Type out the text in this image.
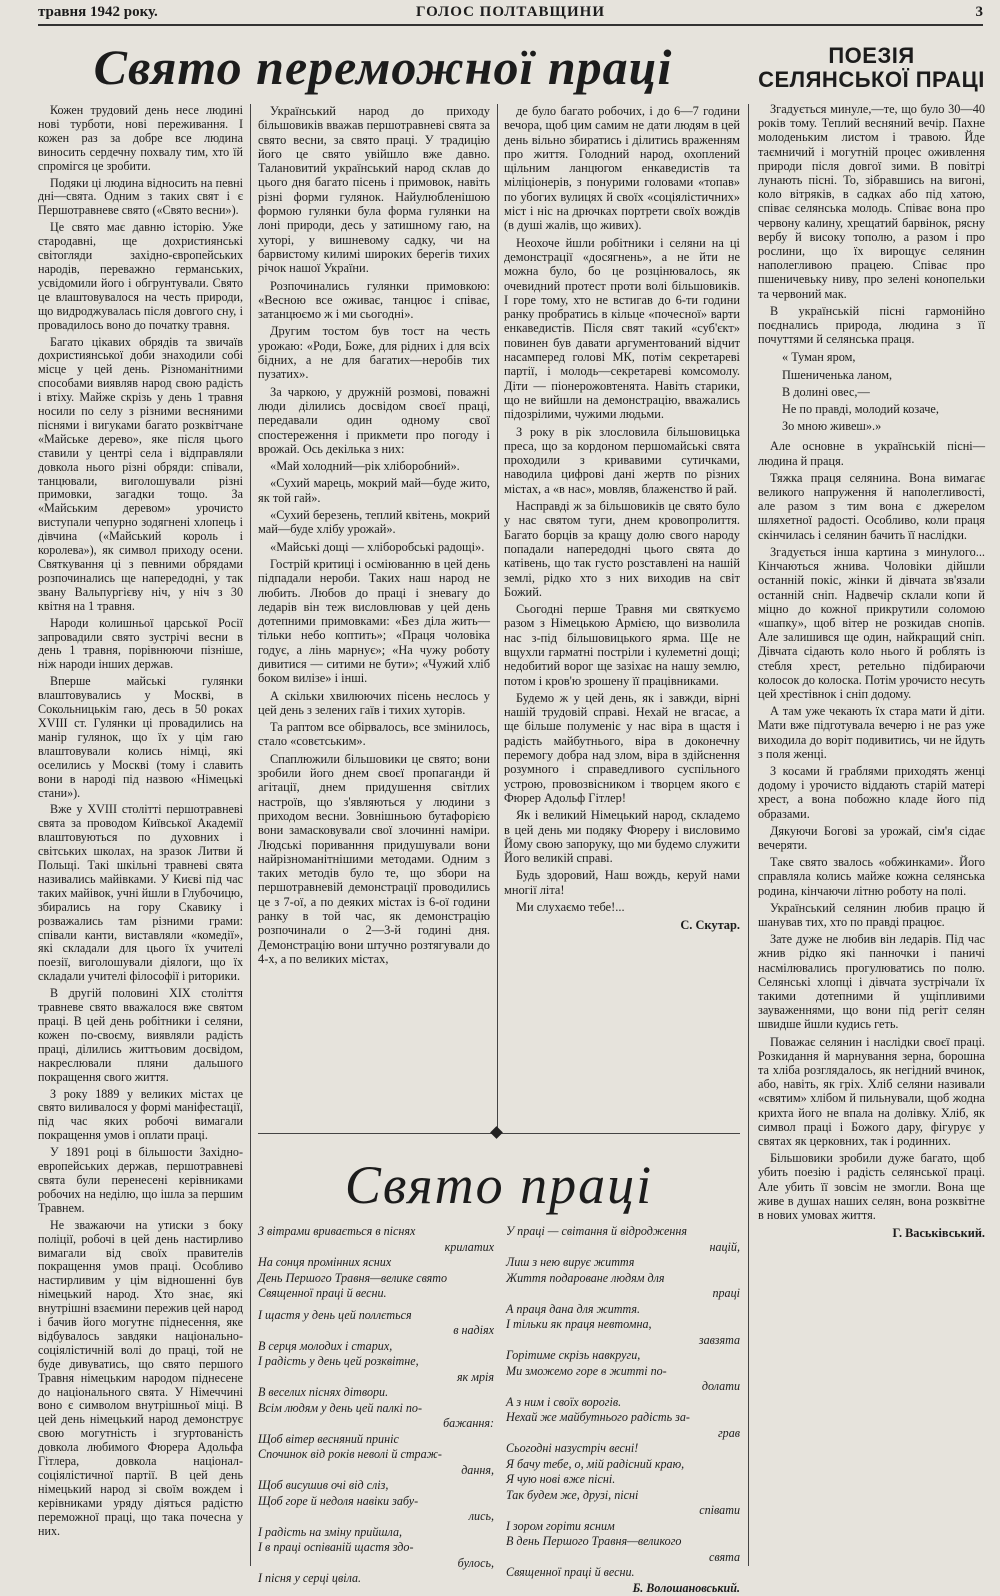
травня 1942 року.	ГОЛОС ПОЛТАВЩИНИ	3
Свято переможної праці

Кожен трудовий день несе людині нові турботи, нові переживання. І кожен раз за добре все людина виносить сердечну похвалу тим, хто їй спромігся це зробити.

Подяки ці людина відносить на певні дні—свята. Одним з таких свят і є Першотравневе свято («Свято весни»).

Це свято має давню історію. Уже стародавні, ще дохристиянські світогляди західно-європейських народів, переважно германських, усвідомили його і обгрунтували. Свято це влаштовувалося на честь природи, що видроджувалась після довгого сну, і провадилось воно до початку травня.

Багато цікавих обрядів та звичаїв дохристиянської доби знаходили собі місце у цей день. Різноманітними способами виявляв народ свою радість і втіху. Майже скрізь у день 1 травня носили по селу з різними весняними піснями і вигуками багато розквітчане «Майське дерево», яке після цього ставили у центрі села і відправляли довкола нього різні обряди: співали, танцювали, виголошували різні примовки, загадки тощо. За «Майським деревом» урочисто виступали чепурно зодягнені хлопець і дівчина («Майський король і королева»), як символ приходу осени. Святкування ці з певними обрядами розпочинались ще напередодні, у так звану Вальпургієву ніч, у ніч з 30 квітня на 1 травня.

Народи колишньої царської Росії запровадили свято зустрічі весни в день 1 травня, порівнюючи пізніше, ніж народи інших держав.

Вперше майські гулянки влаштовувались у Москві, в Сокольницькім гаю, десь в 50 роках XVIII ст. Гулянки ці провадились на манір гулянок, що їх у цім гаю влаштовували колись німці, які оселились у Москві (тому і славить вони в народі під назвою «Німецькі стани»).

Вже у XVIII столітті першотравневі свята за проводом Київської Академії влаштовуються по духовних і світських школах, на зразок Литви й Польщі. Такі шкільні травневі свята називались майівками. У Києві під час таких майівок, учні йшли в Глубочицю, збирались на гору Скавику і розважались там різними грами: співали канти, виставляли «комедії», які складали для цього їх учителі поезії, виголошували діялоги, що їх складали учителі філософії і риторики.

В другій половині XIX століття травневе свято вважалося вже святом праці. В цей день робітники і селяни, кожен по-своєму, виявляли радість праці, ділились життьовим досвідом, накреслювали пляни дальшого покращення свого життя.

З року 1889 у великих містах це свято виливалося у формі маніфестації, під час яких робочі вимагали покращення умов і оплати праці.

У 1891 році в більшости Західно-европейських держав, першотравневі свята були перенесені керівниками робочих на неділю, що ішла за першим Травнем.

Не зважаючи на утиски з боку поліції, робочі в цей день настирливо вимагали від своїх правителів покращення умов праці. Особливо настирливим у цім відношенні був німецький народ. Хто знає, які внутрішні взаємини пережив цей народ і бачив його могутнє піднесення, яке відбувалось завдяки національно-соціялістичній волі до праці, той не буде дивуватись, що свято першого Травня німецьким народом піднесене до національного свята. У Німеччині воно є символом внутрішньої міці. В цей день німецький народ демонструє свою могутність і згуртованість довкола любимого Фюрера Адольфа Гітлера, довкола націонал-соціялістичної партії. В цей день німецький народ зі своїм вождем і керівниками уряду діяться радістю переможної праці, що така почесна у них.

Український народ до приходу більшовиків вважав першотравневі свята за свято весни, за свято праці. У традицію його це свято увійшло вже давно. Талановитий український народ склав до цього дня багато пісень і примовок, навіть різні форми гулянок. Найулюбленішою формою гулянки була форма гулянки на лоні природи, десь у затишному гаю, на хуторі, у вишневому садку, чи на барвистому килимі широких берегів тихих річок нашої України.

Розпочинались гулянки примовкою: «Весною все оживає, танцює і співає, затанцюємо ж і ми сьогодні».

Другим тостом був тост на честь урожаю: «Роди, Боже, для рідних і для всіх бідних, а не для багатих—неробів тих пузатих».

За чаркою, у дружній розмові, поважні люди ділились досвідом своєї праці, передавали один одному свої спостереження і прикмети про погоду і врожай. Ось декілька з них:

«Май холодний—рік хліборобний».

«Сухий марець, мокрий май—буде жито, як той гай».

«Сухий березень, теплий квітень, мокрий май—буде хлібу урожай».

«Майські дощі — хліборобські радощі».

Гострій критиці і осміюванню в цей день підпадали нероби. Таких наш народ не любить. Любов до праці і зневагу до ледарів він теж висловлював у цей день дотепними примовками: «Без діла жить—тільки небо коптить»; «Праця чоловіка годує, а лінь марнує»; «На чужу роботу дивитися — ситими не бути»; «Чужий хліб боком вилізе» і інші.

А скільки хвилюючих пісень неслось у цей день з зелених гаїв і тихих хуторів.

Та раптом все обірвалось, все змінилось, стало «совєтським».

Спаплюжили більшовики це свято; вони зробили його днем своєї пропаганди й агітації, днем придушення світлих настроїв, що з'являються у людини з приходом весни. Зовнішньою бутафорією вони замасковували свої злочинні наміри. Людські пориванння придушували вони найрізноманітнішими методами. Одним з таких методів було те, що збори на першотравневій демонстрації проводились це з 7-ої, а по деяких містах із 6-ої години ранку в той час, як демонстрацію розпочинали о 2—3-й годині дня. Демонстрацію вони штучно розтягували до 4-х, а по великих містах,

де було багато робочих, і до 6—7 години вечора, щоб цим самим не дати людям в цей день вільно збиратись і ділитись враженням про життя. Голодний народ, охоплений щільним ланцюгом енкаведистів та міліціонерів, з понурими головами «топав» по убогих вулицях й своїх «соціялістичних» міст і ніс на дрючках портрети своїх вождів (в душі жалів, що живих).

Неохоче йшли робітники і селяни на ці демонстрації «досягнень», а не йти не можна було, бо це розцінювалось, як очевидний протест проти волі більшовиків. І горе тому, хто не встигав до 6-ти години ранку пробратись в кільце «почесної» варти енкаведистів. Після свят такий «суб'єкт» повинен був давати аргументований відчит насамперед голові МК, потім секретареві партії, і молодь—секретареві комсомолу. Діти — піонерожовтенята. Навіть старики, що не вийшли на демонстрацію, вважались підозрілими, чужими людьми.

З року в рік злословила більшовицька преса, що за кордоном першомайські свята проходили з кривавими сутичками, наводила цифрові дані жертв по різних містах, а «в нас», мовляв, блаженство й рай.

Насправді ж за більшовиків це свято було у нас святом туги, днем кровопролиття. Багато борців за кращу долю свого народу попадали напередодні цього свята до катівень, що так густо розставлені на нашій землі, рідко хто з них виходив на світ Божий.

Сьогодні перше Травня ми святкуємо разом з Німецькою Армією, що визволила нас з-під більшовицького ярма. Ще не вщухли гарматні постріли і кулеметні дощі; недобитий ворог ще зазіхає на нашу землю, потом і кров'ю зрошену її працівниками.

Будемо ж у цей день, як і завжди, вірні нашій трудовій справі. Нехай не вгасає, а ще більше полуменіє у нас віра в щастя і радість майбутнього, віра в доконечну перемогу добра над злом, віра в здійснення розумного і справедливого суспільного устрою, провозвісником і творцем якого є Фюрер Адольф Гітлер!

Як і великий Німецький народ, складемо в цей день ми подяку Фюреру і висловимо Йому свою запоруку, що ми будемо служити Його великій справі.

Будь здоровий, Наш вождь, керуй нами многії літа!

Ми слухаємо тебе!...

С. Скутар.
ПОЕЗІЯ
СЕЛЯНСЬКОЇ ПРАЦІ

Згадується минуле,—те, що було 30—40 років тому. Теплий весняний вечір. Пахне молоденьким листом і травою. Йде таємничий і могутній процес оживлення природи після довгої зими. В повітрі лунають пісні. То, зібравшись на вигоні, коло вітряків, в садках або під хатою, співає селянська молодь. Співає вона про червону калину, хрещатий барвінок, рясну вербу й високу тополю, а разом і про рослини, що їх вирощує селянин наполегливою працею. Співає про пшеничевьку ниву, про зелені конопельки та червоний мак.

В українській пісні гармонійно поєднались природа, людина з її почуттями й селянська праця.

« Туман яром,
Пшениченька ланом,
В долині овес,—
Не по правді, молодий козаче,
Зо мною живеш».»

Але основне в українській пісні—людина й праця.

Тяжка праця селянина. Вона вимагає великого напруження й наполегливості, але разом з тим вона є джерелом шляхетної радості. Особливо, коли праця скінчилась і селянин бачить її наслідки.

Згадується інша картина з минулого... Кінчаються жнива. Чоловіки дійшли останній покіс, жінки й дівчата зв'язали останній сніп. Надвечір склали копи й міцно до кожної прикрутили соломою «шапку», щоб вітер не розкидав снопів. Але залишився ще один, найкращий сніп. Дівчата сідають коло нього й роблять із стебля хрест, ретельно підбираючи колосок до колоска. Потім урочисто несуть цей хрестівнок і сніп додому.

А там уже чекають їх стара мати й діти. Мати вже підготувала вечерю і не раз уже виходила до воріт подивитись, чи не йдуть з поля женці.

З косами й граблями приходять женці додому і урочисто віддають старій матері хрест, а вона побожно кладе його під образами.

Дякуючи Богові за урожай, сім'я сідає вечеряти.

Таке свято звалось «обжинками». Його справляла колись майже кожна селянська родина, кінчаючи літню роботу на полі.

Український селянин любив працю й шанував тих, хто по правді працює.

Зате дуже не любив він ледарів. Під час жнив рідко які панночки і паничі насмілювались прогулюватись по полю. Селянські хлопці і дівчата зустрічали їх такими дотепними й ущіпливими зауваженнями, що вони під регіт селян швидше йшли кудись геть.

Поважає селянин і наслідки своєї праці. Розкидання й марнування зерна, борошна та хліба розглядалось, як негідний вчинок, або, навіть, як гріх. Хліб селяни називали «святим» хлібом й пильнували, щоб жодна крихта його не впала на долівку. Хліб, як символ праці і Божого дару, фігурує у святах як церковних, так і родинних.

Більшовики зробили дуже багато, щоб убить поезію і радість селянської праці. Але убить її зовсім не змогли. Вона ще живе в душах наших селян, вона розквітне в нових умовах життя.

Г. Васьківський.
Свято праці
З вітрами вривається в піснях
крилатих
На сонця промінних ясних
День Першого Травня—велике свято
Священної праці й весни.
І щастя у день цей поллється
в надіях
В серця молодих і старих,
І радість у день цей розквітне,
як мрія
В веселих піснях дітвори.
Всім людям у день цей палкі по-
бажання:
Щоб вітер весняний приніс
Спочинок від років неволі й страж-
дання,
Щоб висушив очі від сліз,
Щоб горе й недоля навіки забу-
лись,
І радість на зміну прийшла,
І в праці оспіваній щастя здо-
булось,
І пісня у серці цвіла.
У праці — світання й відродження
націй,
Лиш з нею вирує життя
Життя подароване людям для
праці
А праця дана для життя.
І тільки як праця невтомна,
завзята
Горітиме скрізь навкруги,
Ми зможемо горе в житті по-
долати
А з ним і своїх ворогів.
Нехай же майбутнього радість за-
грав
Сьогодні назустріч весні!
Я бачу тебе, о, мій радісний краю,
Я чую нові вже пісні.
Так будем же, друзі, пісні
співати
І зором горіти ясним
В день Першого Травня—великого
свята
Священної праці й весни.
Б. Волошановський.
